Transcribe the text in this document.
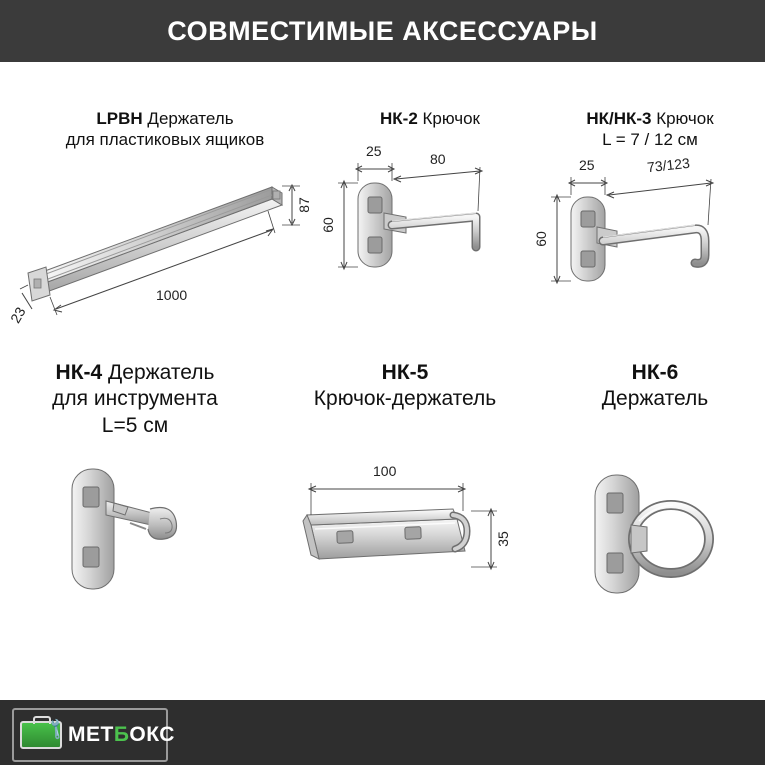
СОВМЕСТИМЫЕ АКСЕССУАРЫ
LPBH Держатель
для пластиковых ящиков
87
1000
23
НК-2 Крючок
25	80
60
НК/НК-3 Крючок
L = 7 / 12 см
25	73/123
60
НК-4 Держатель
для инструмента
L=5 см
НК-5
Крючок-держатель
100
35
НК-6
Держатель
🔧 МЕТБОКС
